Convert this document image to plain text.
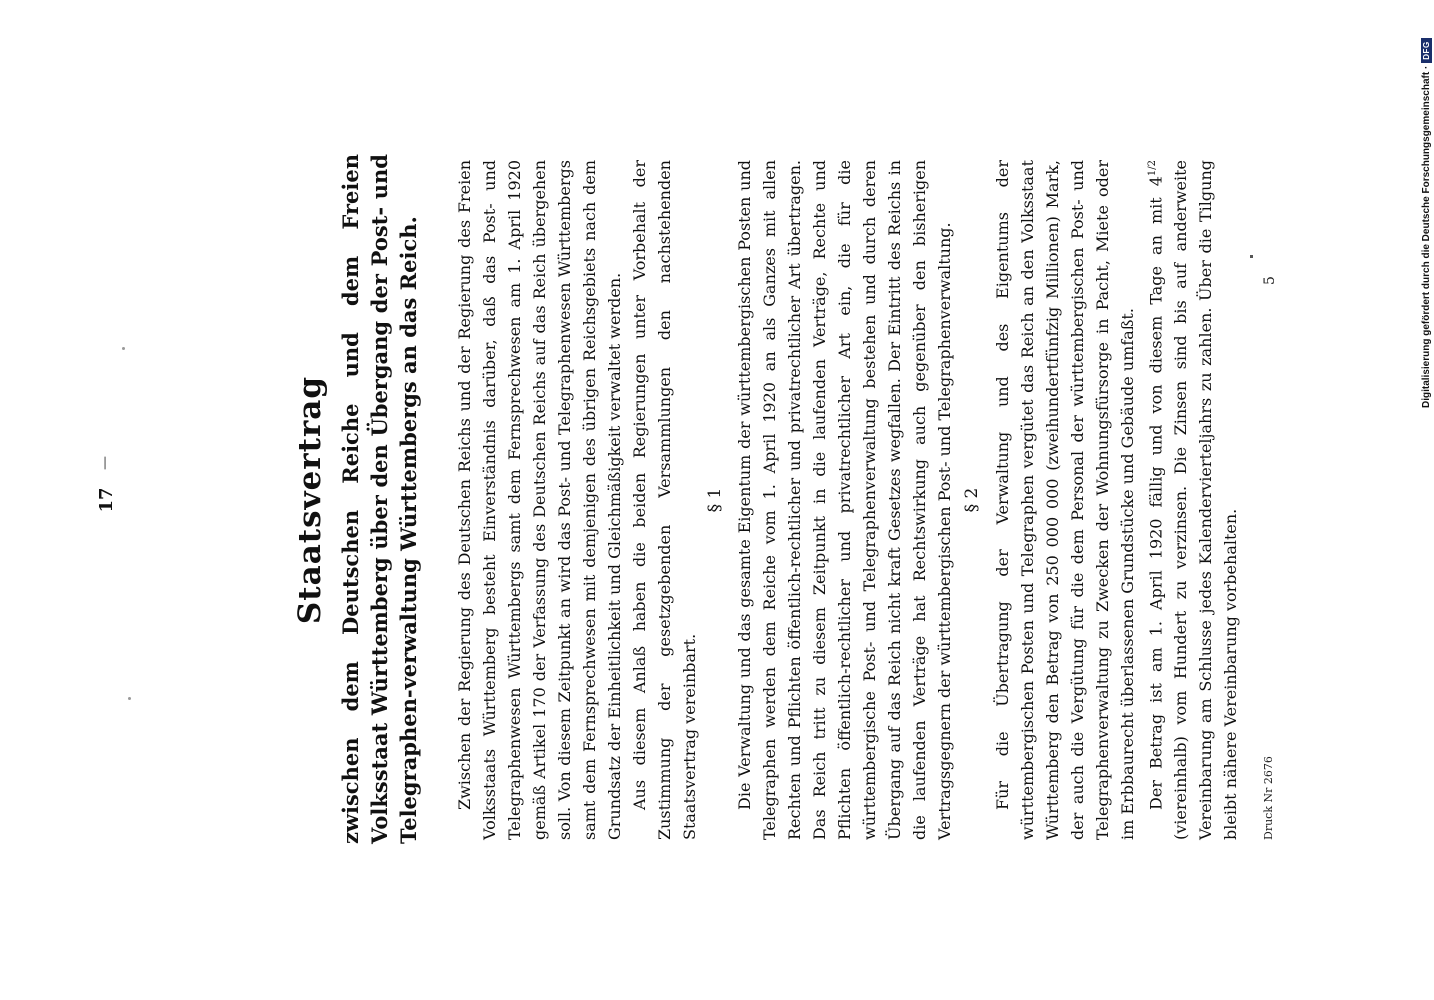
17
—	Staatsvertrag zwischen dem Deutschen Reiche und dem Freien Volksstaat Württemberg über den Übergang der Post- und Telegraphen-verwaltung Württembergs an das Reich. Zwischen der Regierung des Deutschen Reichs und der Regierung des Freien Volksstaats Württemberg besteht Einverständnis darüber, daß das Post- und Telegraphenwesen Württembergs samt dem Fernsprechwesen am 1. April 1920 gemäß Artikel 170 der Verfassung des Deutschen Reichs auf das Reich übergehen soll. Von diesem Zeitpunkt an wird das Post- und Telegraphenwesen Württembergs samt dem Fernsprechwesen mit demjenigen des übrigen Reichsgebiets nach dem Grundsatz der Einheitlichkeit und Gleichmäßigkeit verwaltet werden. Aus diesem Anlaß haben die beiden Regierungen unter Vorbehalt der Zustimmung der gesetzgebenden Versammlungen den nachstehenden Staatsvertrag vereinbart.

§ 1 Die Verwaltung und das gesamte Eigentum der württembergischen Posten und Telegraphen werden dem Reiche vom 1. April 1920 an als Ganzes mit allen Rechten und Pflichten öffentlich-rechtlicher und privatrechtlicher Art übertragen. Das Reich tritt zu diesem Zeitpunkt in die laufenden Verträge, Rechte und Pflichten öffentlich-rechtlicher und privatrechtlicher Art ein, die für die württembergische Post- und Telegraphenverwaltung bestehen und durch deren Übergang auf das Reich nicht kraft Gesetzes wegfallen. Der Eintritt des Reichs in die laufenden Verträge hat Rechtswirkung auch gegenüber den bisherigen Vertragsgegnern der württembergischen Post- und Telegraphenverwaltung. § 2 Für die Übertragung der Verwaltung und des Eigentums der württembergischen Posten und Telegraphen vergütet das Reich an den Volksstaat Württemberg den Betrag von 250 000 000 (zweihundertfünfzig Millionen) Mark, der auch die Vergütung für die dem Personal der württembergischen Post- und Telegraphenverwaltung zu Zwecken der Wohnungsfürsorge in Pacht, Miete oder im Erbbaurecht überlassenen Grundstücke und Gebäude umfaßt. Der Betrag ist am 1. April 1920 fällig und von diesem Tage an mit $4^{1/2}$ (viereinhalb) vom Hundert zu verzinsen. Die Zinsen sind bis auf anderweite Vereinbarung am Schlusse jedes Kalendervierteljahrs zu zahlen. Über die Tilgung bleibt nähere Vereinbarung vorbehalten. Druck Nr 2676
5	Digitalisierung gefördert durch die Deutsche Forschungsgemeinschaft ·
DFG
